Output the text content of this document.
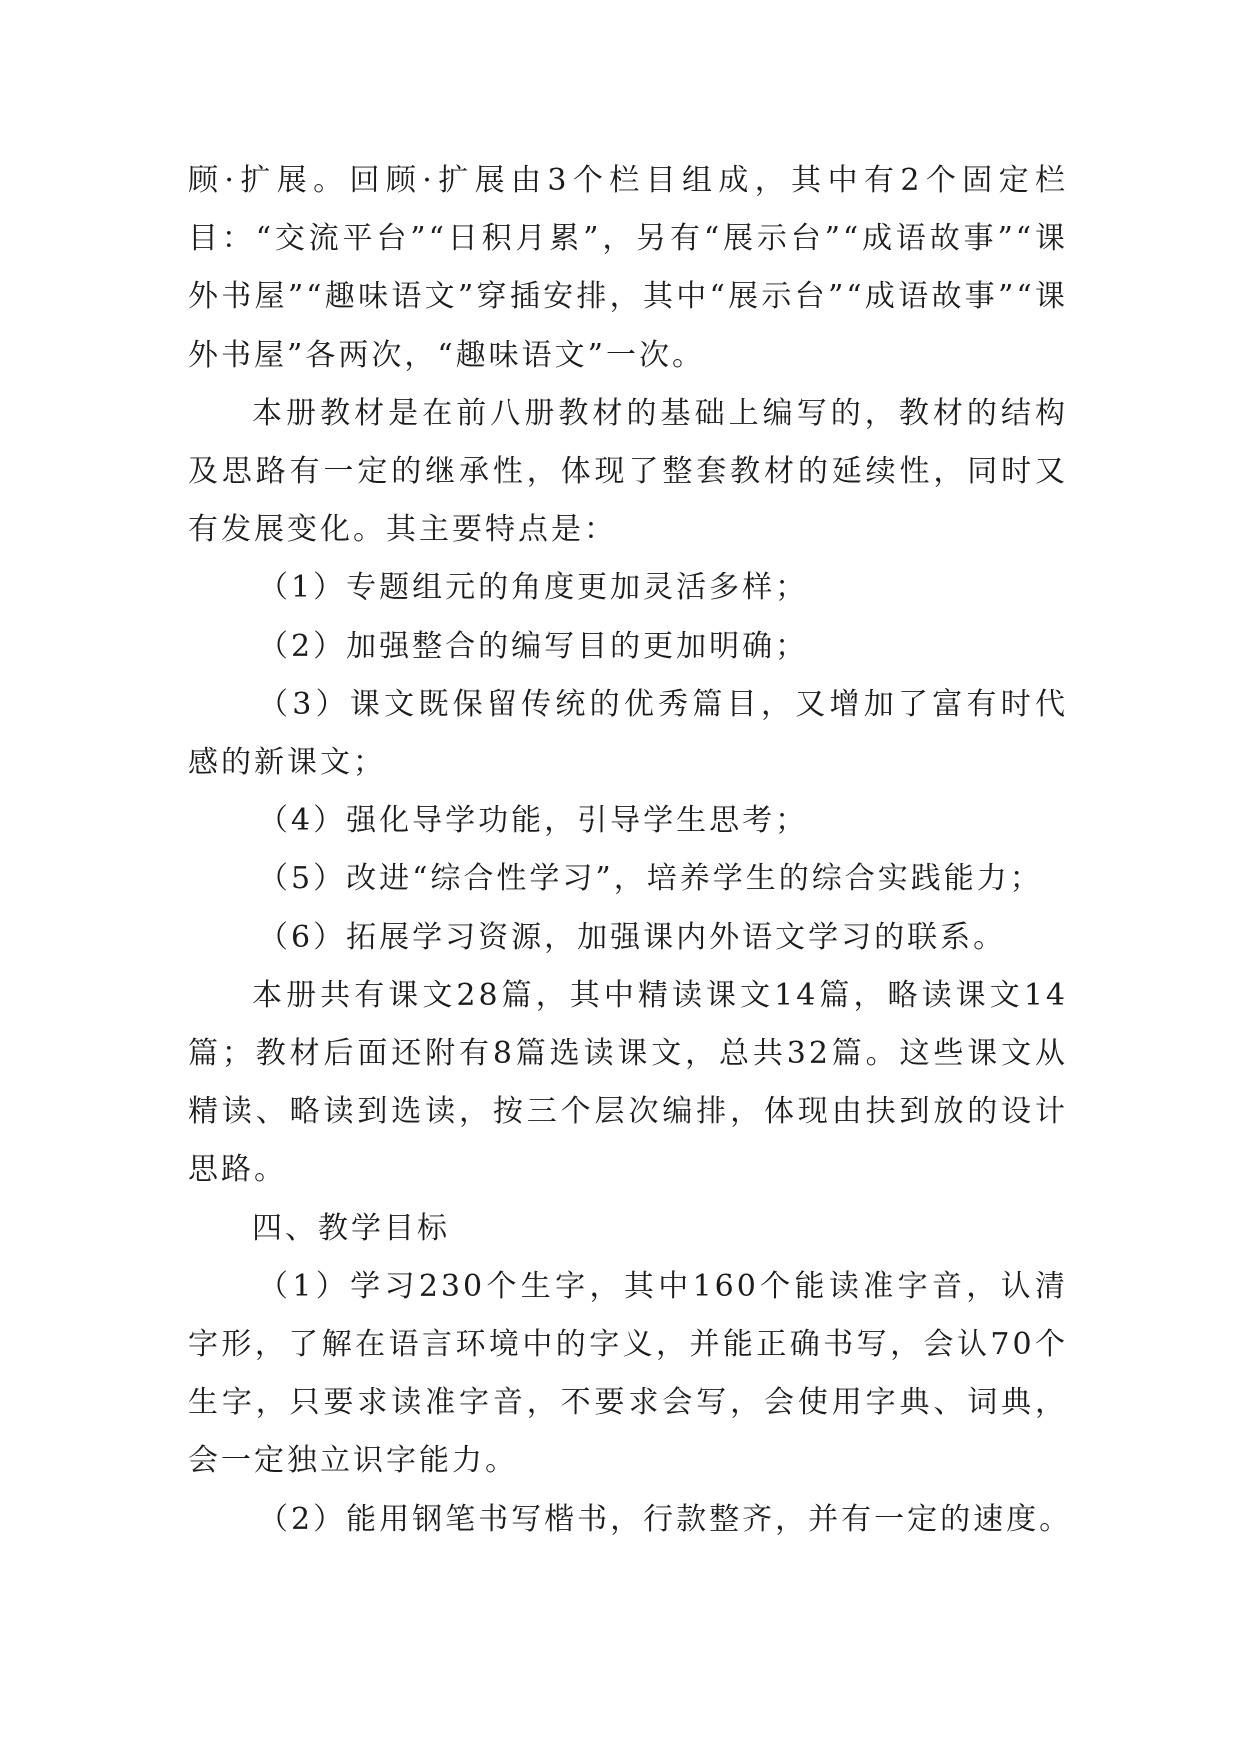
顾·扩展。回顾·扩展由3个栏目组成，其中有2个固定栏目：“交流平台”“日积月累”，另有“展示台”“成语故事”“课外书屋”“趣味语文”穿插安排，其中“展示台”“成语故事”“课外书屋”各两次，“趣味语文”一次。

本册教材是在前八册教材的基础上编写的，教材的结构及思路有一定的继承性，体现了整套教材的延续性，同时又有发展变化。其主要特点是：

（1）专题组元的角度更加灵活多样；

（2）加强整合的编写目的更加明确；

（3）课文既保留传统的优秀篇目，又增加了富有时代感的新课文；

（4）强化导学功能，引导学生思考；

（5）改进“综合性学习”，培养学生的综合实践能力；

（6）拓展学习资源，加强课内外语文学习的联系。

本册共有课文28篇，其中精读课文14篇，略读课文14篇；教材后面还附有8篇选读课文，总共32篇。这些课文从精读、略读到选读，按三个层次编排，体现由扶到放的设计思路。

四、教学目标

（1）学习230个生字，其中160个能读准字音，认清字形，了解在语言环境中的字义，并能正确书写，会认70个生字，只要求读准字音，不要求会写，会使用字典、词典，会一定独立识字能力。

（2）能用钢笔书写楷书，行款整齐，并有一定的速度。
